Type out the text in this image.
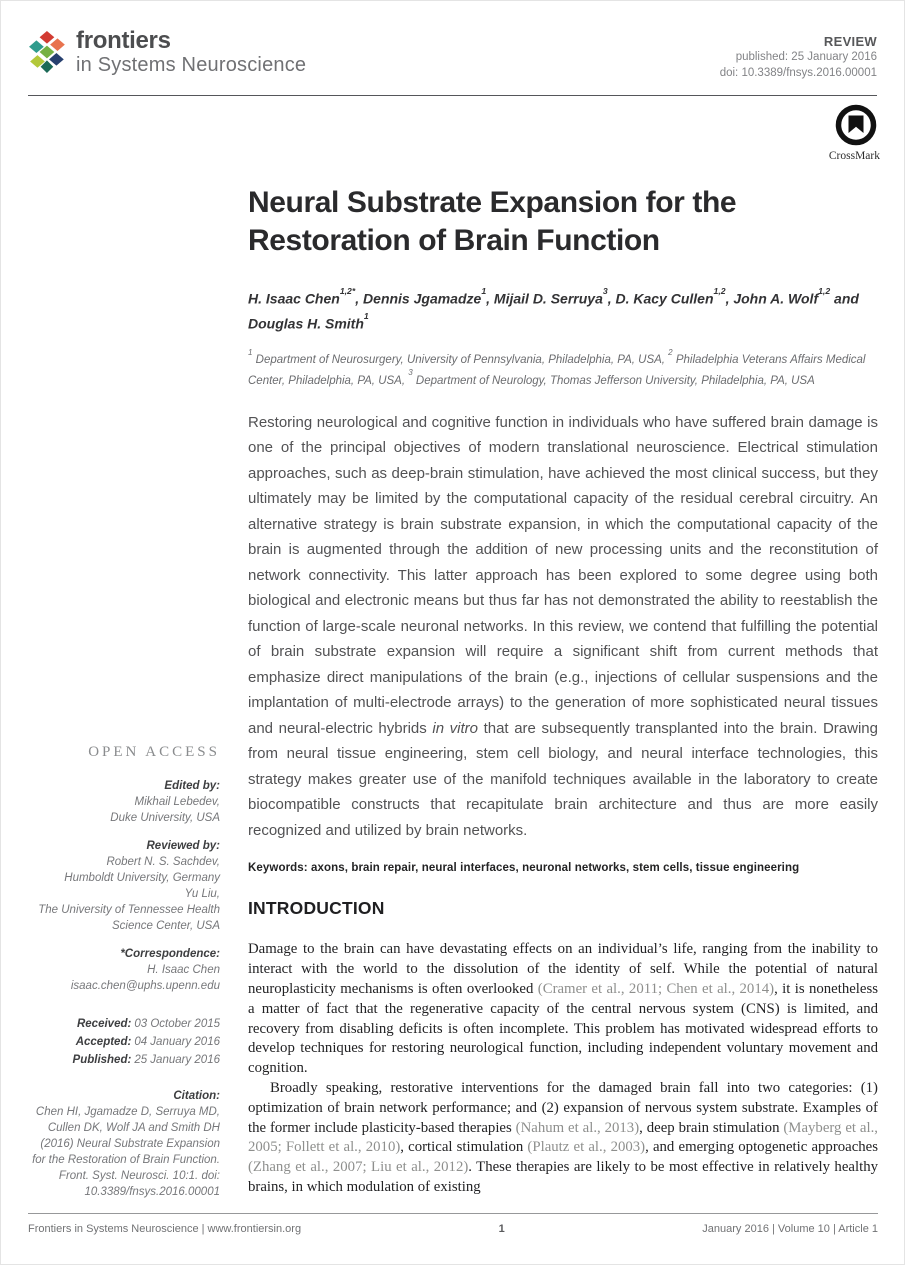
frontiers
in Systems Neuroscience
REVIEW
published: 25 January 2016
doi: 10.3389/fnsys.2016.00001
OPEN ACCESS
Edited by:
Mikhail Lebedev,
Duke University, USA
Reviewed by:
Robert N. S. Sachdev,
Humboldt University, Germany
Yu Liu,
The University of Tennessee Health Science Center, USA
*Correspondence:
H. Isaac Chen
isaac.chen@uphs.upenn.edu
Received: 03 October 2015
Accepted: 04 January 2016
Published: 25 January 2016
Citation:
Chen HI, Jgamadze D, Serruya MD, Cullen DK, Wolf JA and Smith DH (2016) Neural Substrate Expansion for the Restoration of Brain Function. Front. Syst. Neurosci. 10:1. doi: 10.3389/fnsys.2016.00001
CrossMark
Neural Substrate Expansion for the Restoration of Brain Function

H. Isaac Chen$^{1,2*}$, Dennis Jgamadze$^1$, Mijail D. Serruya$^3$, D. Kacy Cullen$^{1,2}$, John A. Wolf$^{1,2}$ and Douglas H. Smith$^1$

$^1$ Department of Neurosurgery, University of Pennsylvania, Philadelphia, PA, USA, $^2$ Philadelphia Veterans Affairs Medical Center, Philadelphia, PA, USA, $^3$ Department of Neurology, Thomas Jefferson University, Philadelphia, PA, USA

Restoring neurological and cognitive function in individuals who have suffered brain damage is one of the principal objectives of modern translational neuroscience. Electrical stimulation approaches, such as deep-brain stimulation, have achieved the most clinical success, but they ultimately may be limited by the computational capacity of the residual cerebral circuitry. An alternative strategy is brain substrate expansion, in which the computational capacity of the brain is augmented through the addition of new processing units and the reconstitution of network connectivity. This latter approach has been explored to some degree using both biological and electronic means but thus far has not demonstrated the ability to reestablish the function of large-scale neuronal networks. In this review, we contend that fulfilling the potential of brain substrate expansion will require a significant shift from current methods that emphasize direct manipulations of the brain (e.g., injections of cellular suspensions and the implantation of multi-electrode arrays) to the generation of more sophisticated neural tissues and neural-electric hybrids in vitro that are subsequently transplanted into the brain. Drawing from neural tissue engineering, stem cell biology, and neural interface technologies, this strategy makes greater use of the manifold techniques available in the laboratory to create biocompatible constructs that recapitulate brain architecture and thus are more easily recognized and utilized by brain networks.

Keywords: axons, brain repair, neural interfaces, neuronal networks, stem cells, tissue engineering

INTRODUCTION

Damage to the brain can have devastating effects on an individual’s life, ranging from the inability to interact with the world to the dissolution of the identity of self. While the potential of natural neuroplasticity mechanisms is often overlooked (Cramer et al., 2011; Chen et al., 2014), it is nonetheless a matter of fact that the regenerative capacity of the central nervous system (CNS) is limited, and recovery from disabling deficits is often incomplete. This problem has motivated widespread efforts to develop techniques for restoring neurological function, including independent voluntary movement and cognition.

Broadly speaking, restorative interventions for the damaged brain fall into two categories: (1) optimization of brain network performance; and (2) expansion of nervous system substrate. Examples of the former include plasticity-based therapies (Nahum et al., 2013), deep brain stimulation (Mayberg et al., 2005; Follett et al., 2010), cortical stimulation (Plautz et al., 2003), and emerging optogenetic approaches (Zhang et al., 2007; Liu et al., 2012). These therapies are likely to be most effective in relatively healthy brains, in which modulation of existing

Frontiers in Systems Neuroscience | www.frontiersin.org	1	January 2016 | Volume 10 | Article 1
